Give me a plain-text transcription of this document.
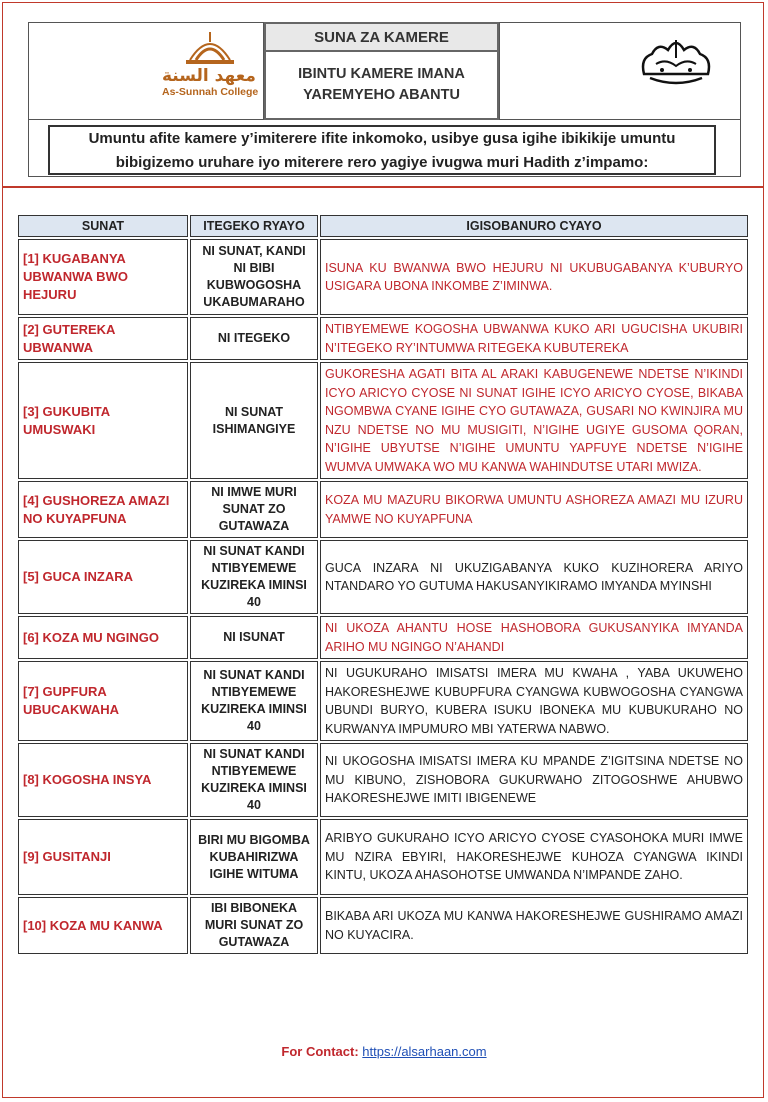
معهد السنة
As-Sunnah College
SUNA ZA KAMERE
IBINTU KAMERE IMANA
YAREMYEHO ABANTU
Umuntu afite kamere y’imiterere ifite inkomoko, usibye gusa igihe ibikikije umuntu
bibigizemo uruhare iyo miterere rero yagiye ivugwa muri Hadith z’impamo:
SUNAT	ITEGEKO RYAYO	IGISOBANURO CYAYO
[1] KUGABANYA UBWANWA BWO HEJURU	NI SUNAT, KANDI NI BIBI KUBWOGOSHA UKABUMARAHO	ISUNA KU BWANWA BWO HEJURU NI UKUBUGABANYA K’UBURYO USIGARA UBONA INKOMBE Z’IMINWA.
[2] GUTEREKA UBWANWA	NI ITEGEKO	NTIBYEMEWE KOGOSHA UBWANWA KUKO ARI UGUCISHA UKUBIRI N’ITEGEKO RY’INTUMWA RITEGEKA KUBUTEREKA
[3] GUKUBITA UMUSWAKI	NI SUNAT ISHIMANGIYE	GUKORESHA AGATI BITA AL ARAKI KABUGENEWE NDETSE N’IKINDI ICYO ARICYO CYOSE NI SUNAT IGIHE ICYO ARICYO CYOSE, BIKABA NGOMBWA CYANE IGIHE CYO GUTAWAZA, GUSARI NO KWINJIRA MU NZU NDETSE NO MU MUSIGITI, N’IGIHE UGIYE GUSOMA QORAN, N’IGIHE UBYUTSE N’IGIHE UMUNTU YAPFUYE NDETSE N’IGIHE WUMVA UMWAKA WO MU KANWA WAHINDUTSE UTARI MWIZA.
[4] GUSHOREZA AMAZI NO KUYAPFUNA	NI IMWE MURI SUNAT ZO GUTAWAZA	KOZA MU MAZURU BIKORWA UMUNTU ASHOREZA AMAZI MU IZURU YAMWE NO KUYAPFUNA
[5] GUCA INZARA	NI SUNAT KANDI NTIBYEMEWE KUZIREKA IMINSI 40	GUCA INZARA NI UKUZIGABANYA KUKO KUZIHORERA ARIYO NTANDARO YO GUTUMA HAKUSANYIKIRAMO IMYANDA MYINSHI
[6] KOZA MU NGINGO	NI ISUNAT	NI UKOZA AHANTU HOSE HASHOBORA GUKUSANYIKA IMYANDA ARIHO MU NGINGO N’AHANDI
[7] GUPFURA UBUCAKWAHA	NI SUNAT KANDI NTIBYEMEWE KUZIREKA IMINSI 40	NI UGUKURAHO IMISATSI IMERA MU KWAHA , YABA UKUWEHO HAKORESHEJWE KUBUPFURA CYANGWA KUBWOGOSHA CYANGWA UBUNDI BURYO, KUBERA ISUKU IBONEKA MU KUBUKURAHO NO KURWANYA IMPUMURO MBI YATERWA NABWO.
[8] KOGOSHA INSYA	NI SUNAT KANDI NTIBYEMEWE KUZIREKA IMINSI 40	NI UKOGOSHA IMISATSI IMERA KU MPANDE Z’IGITSINA NDETSE NO MU KIBUNO, ZISHOBORA GUKURWAHO ZITOGOSHWE AHUBWO HAKORESHEJWE IMITI IBIGENEWE
[9] GUSITANJI	BIRI MU BIGOMBA KUBAHIRIZWA IGIHE WITUMA	ARIBYO GUKURAHO ICYO ARICYO CYOSE CYASOHOKA MURI IMWE MU NZIRA EBYIRI, HAKORESHEJWE KUHOZA CYANGWA IKINDI KINTU, UKOZA AHASOHOTSE UMWANDA N’IMPANDE ZAHO.
[10] KOZA MU KANWA	IBI BIBONEKA MURI SUNAT ZO GUTAWAZA	BIKABA ARI UKOZA MU KANWA HAKORESHEJWE GUSHIRAMO AMAZI NO KUYACIRA.
For Contact: https://alsarhaan.com
